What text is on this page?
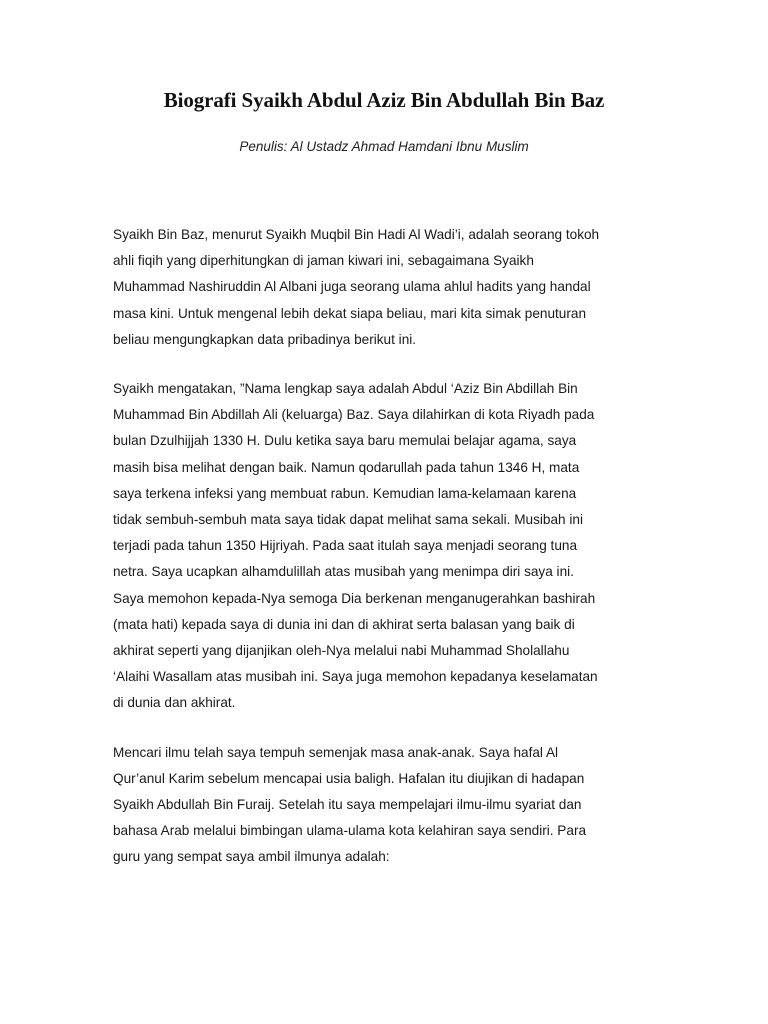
Biografi Syaikh Abdul Aziz Bin Abdullah Bin Baz
Penulis: Al Ustadz Ahmad Hamdani Ibnu Muslim

Syaikh Bin Baz, menurut Syaikh Muqbil Bin Hadi Al Wadi’i, adalah seorang tokoh
ahli fiqih yang diperhitungkan di jaman kiwari ini, sebagaimana Syaikh
Muhammad Nashiruddin Al Albani juga seorang ulama ahlul hadits yang handal
masa kini. Untuk mengenal lebih dekat siapa beliau, mari kita simak penuturan
beliau mengungkapkan data pribadinya berikut ini.

Syaikh mengatakan, ”Nama lengkap saya adalah Abdul ‘Aziz Bin Abdillah Bin
Muhammad Bin Abdillah Ali (keluarga) Baz. Saya dilahirkan di kota Riyadh pada
bulan Dzulhijjah 1330 H. Dulu ketika saya baru memulai belajar agama, saya
masih bisa melihat dengan baik. Namun qodarullah pada tahun 1346 H, mata
saya terkena infeksi yang membuat rabun. Kemudian lama-kelamaan karena
tidak sembuh-sembuh mata saya tidak dapat melihat sama sekali. Musibah ini
terjadi pada tahun 1350 Hijriyah. Pada saat itulah saya menjadi seorang tuna
netra. Saya ucapkan alhamdulillah atas musibah yang menimpa diri saya ini.
Saya memohon kepada-Nya semoga Dia berkenan menganugerahkan bashirah
(mata hati) kepada saya di dunia ini dan di akhirat serta balasan yang baik di
akhirat seperti yang dijanjikan oleh-Nya melalui nabi Muhammad Sholallahu
‘Alaihi Wasallam atas musibah ini. Saya juga memohon kepadanya keselamatan
di dunia dan akhirat.

Mencari ilmu telah saya tempuh semenjak masa anak-anak. Saya hafal Al
Qur’anul Karim sebelum mencapai usia baligh. Hafalan itu diujikan di hadapan
Syaikh Abdullah Bin Furaij. Setelah itu saya mempelajari ilmu-ilmu syariat dan
bahasa Arab melalui bimbingan ulama-ulama kota kelahiran saya sendiri. Para
guru yang sempat saya ambil ilmunya adalah:
